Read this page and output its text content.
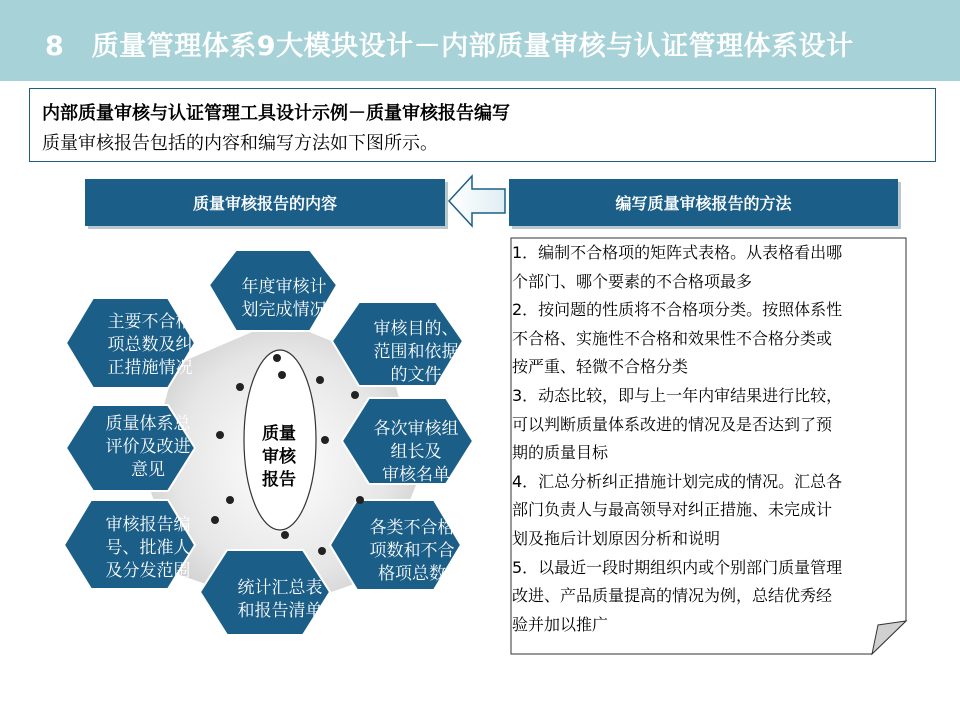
8　质量管理体系9大模块设计－内部质量审核与认证管理体系设计
内部质量审核与认证管理工具设计示例－质量审核报告编写
质量审核报告包括的内容和编写方法如下图所示。
质量审核报告的内容	编写质量审核报告的方法
年度审核计
划完成情况
审核目的、
范围和依据
的文件
各次审核组
组长及
审核名单
各类不合格
项数和不合
格项总数
统计汇总表
和报告清单
审核报告编
号、批准人
及分发范围
质量体系总
评价及改进
意见
主要不合格
项总数及纠
正措施情况
质量
审核
报告
1．编制不合格项的矩阵式表格。从表格看出哪
个部门、哪个要素的不合格项最多
2．按问题的性质将不合格项分类。按照体系性
不合格、实施性不合格和效果性不合格分类或
按严重、轻微不合格分类
3．动态比较，即与上一年内审结果进行比较，
可以判断质量体系改进的情况及是否达到了预
期的质量目标
4．汇总分析纠正措施计划完成的情况。汇总各
部门负责人与最高领导对纠正措施、未完成计
划及拖后计划原因分析和说明
5．以最近一段时期组织内或个别部门质量管理
改进、产品质量提高的情况为例，总结优秀经
验并加以推广
